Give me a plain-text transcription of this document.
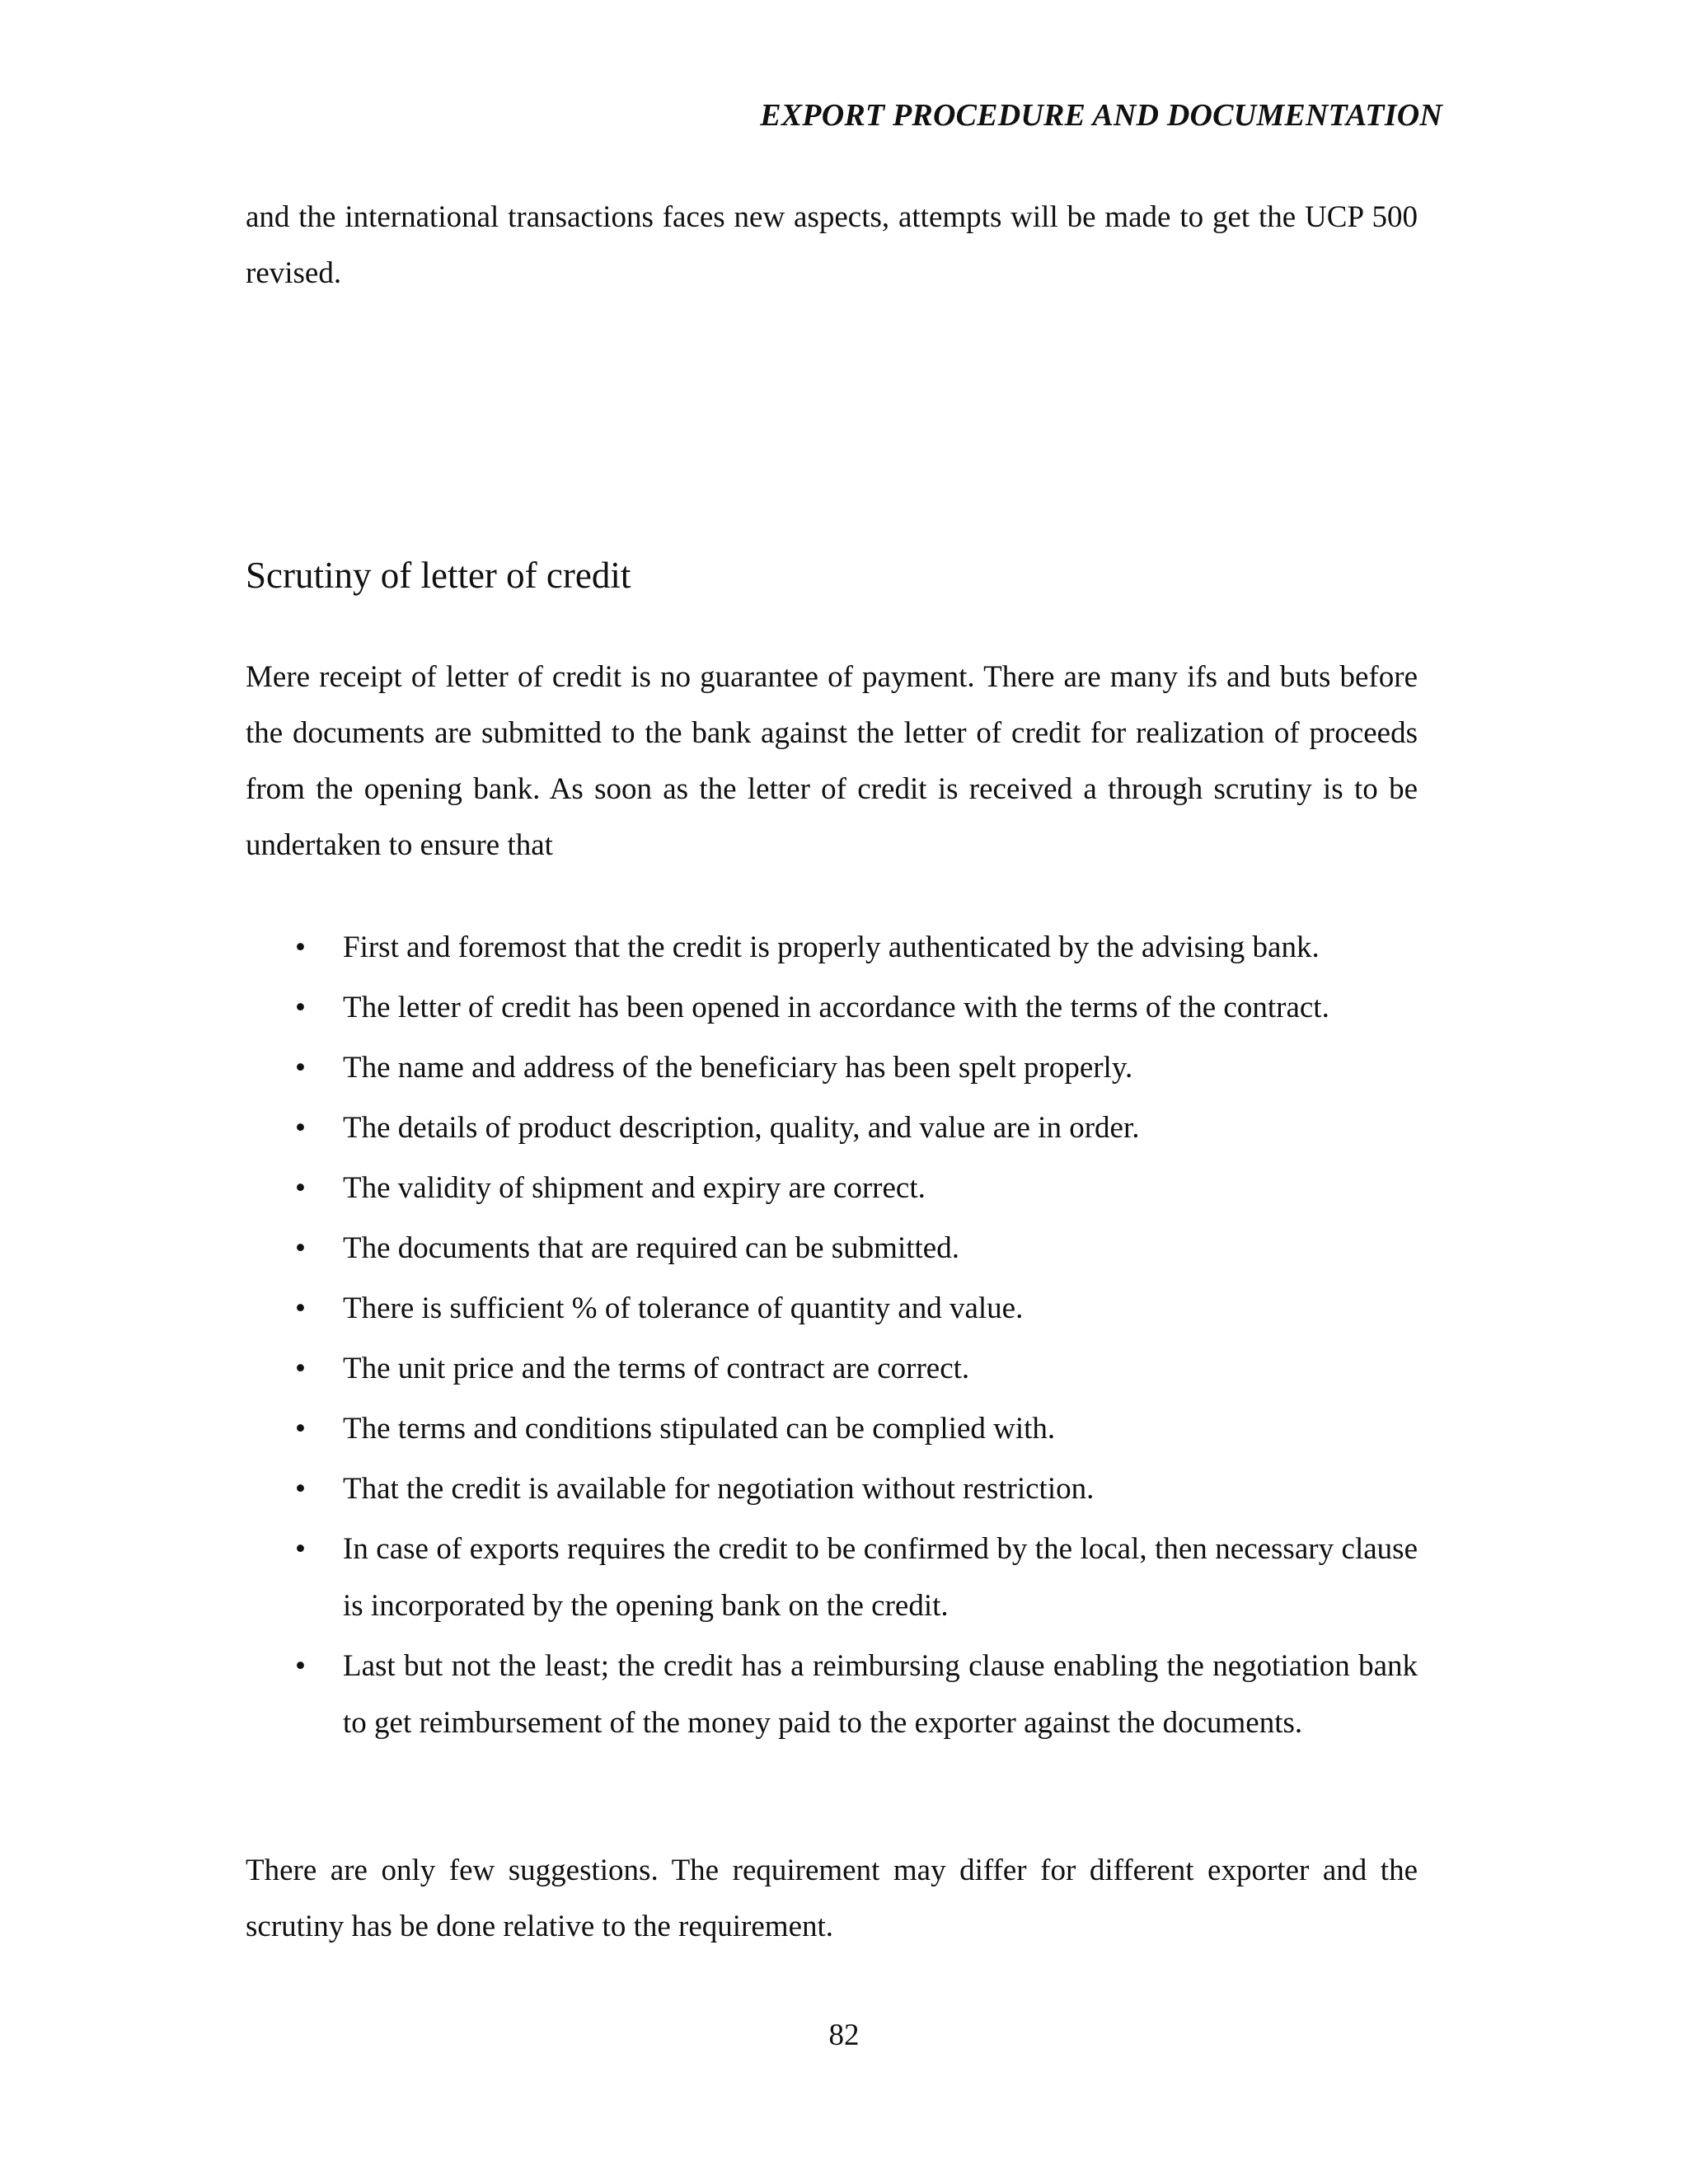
EXPORT PROCEDURE AND DOCUMENTATION

and the international transactions faces new aspects, attempts will be made to get the UCP 500 revised.

Scrutiny of letter of credit

Mere receipt of letter of credit is no guarantee of payment. There are many ifs and buts before the documents are submitted to the bank against the letter of credit for realization of proceeds from the opening bank. As soon as the letter of credit is received a through scrutiny is to be undertaken to ensure that

• First and foremost that the credit is properly authenticated by the advising bank.
• The letter of credit has been opened in accordance with the terms of the contract.
• The name and address of the beneficiary has been spelt properly.
• The details of product description, quality, and value are in order.
• The validity of shipment and expiry are correct.
• The documents that are required can be submitted.
• There is sufficient % of tolerance of quantity and value.
• The unit price and the terms of contract are correct.
• The terms and conditions stipulated can be complied with.
• That the credit is available for negotiation without restriction.
• In case of exports requires the credit to be confirmed by the local, then necessary clause is incorporated by the opening bank on the credit.
• Last but not the least; the credit has a reimbursing clause enabling the negotiation bank to get reimbursement of the money paid to the exporter against the documents.

There are only few suggestions. The requirement may differ for different exporter and the scrutiny has be done relative to the requirement.

82
